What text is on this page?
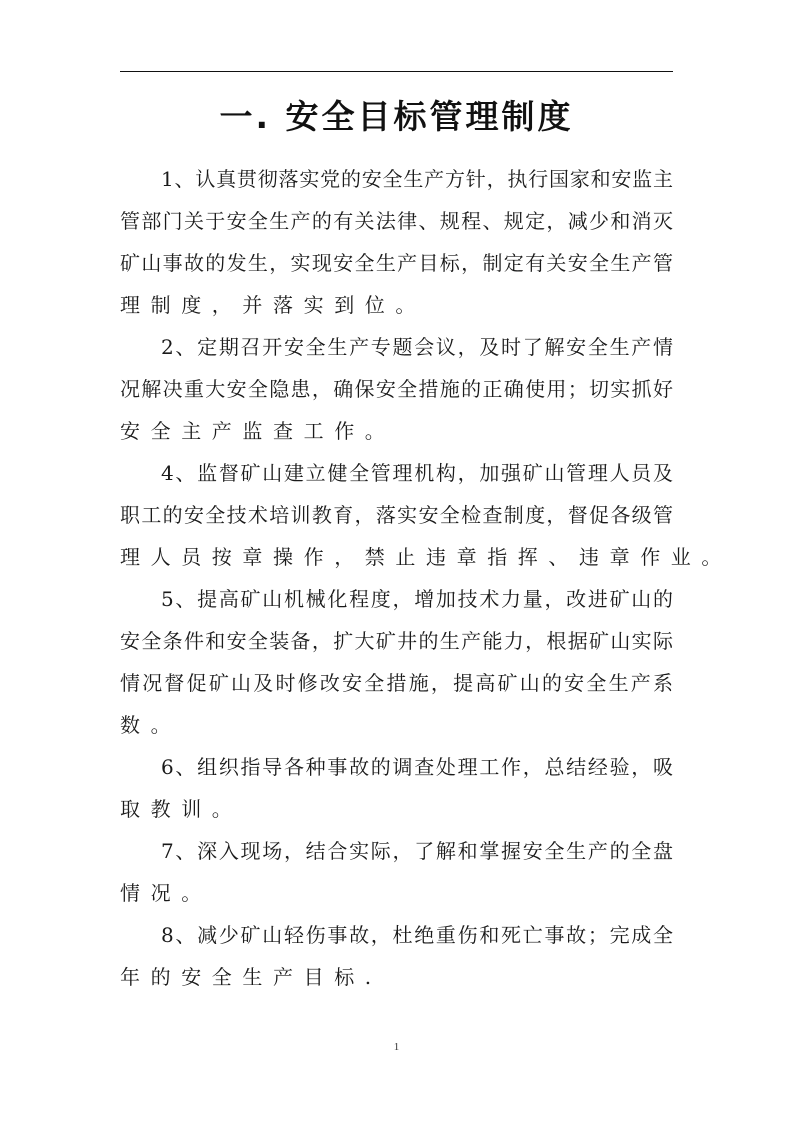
一. 安全目标管理制度

1、认真贯彻落实党的安全生产方针，执行国家和安监主
管部门关于安全生产的有关法律、规程、规定，减少和消灭
矿山事故的发生，实现安全生产目标，制定有关安全生产管
理制度，并落实到位。

2、定期召开安全生产专题会议，及时了解安全生产情
况解决重大安全隐患，确保安全措施的正确使用；切实抓好
安全主产监查工作。

4、监督矿山建立健全管理机构，加强矿山管理人员及
职工的安全技术培训教育，落实安全检查制度，督促各级管
理人员按章操作，禁止违章指挥、违章作业。

5、提高矿山机械化程度，增加技术力量，改进矿山的
安全条件和安全装备，扩大矿井的生产能力，根据矿山实际
情况督促矿山及时修改安全措施，提高矿山的安全生产系
数。

6、组织指导各种事故的调查处理工作，总结经验，吸
取教训。

7、深入现场，结合实际，了解和掌握安全生产的全盘
情况。

8、减少矿山轻伤事故，杜绝重伤和死亡事故；完成全
年的安全生产目标.

1
